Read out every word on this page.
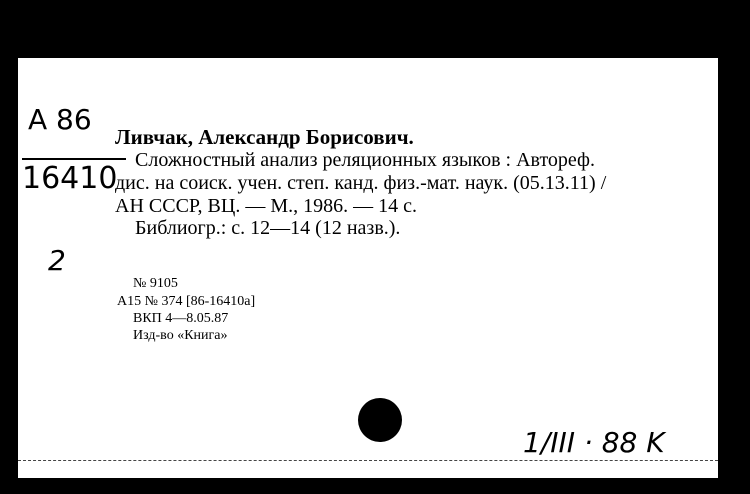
A 86
16410
2
Ливчак, Александр Борисович.
Сложностный анализ реляционных языков : Автореф.
дис. на соиск. учен. степ. канд. физ.-мат. наук. (05.13.11) /
АН СССР, ВЦ. — М., 1986. — 14 с.
Библиогр.: с. 12—14 (12 назв.).
№ 9105
А15 № 374 [86-16410а]
ВКП 4—8.05.87
Изд-во «Книга»
1/III · 88 K
